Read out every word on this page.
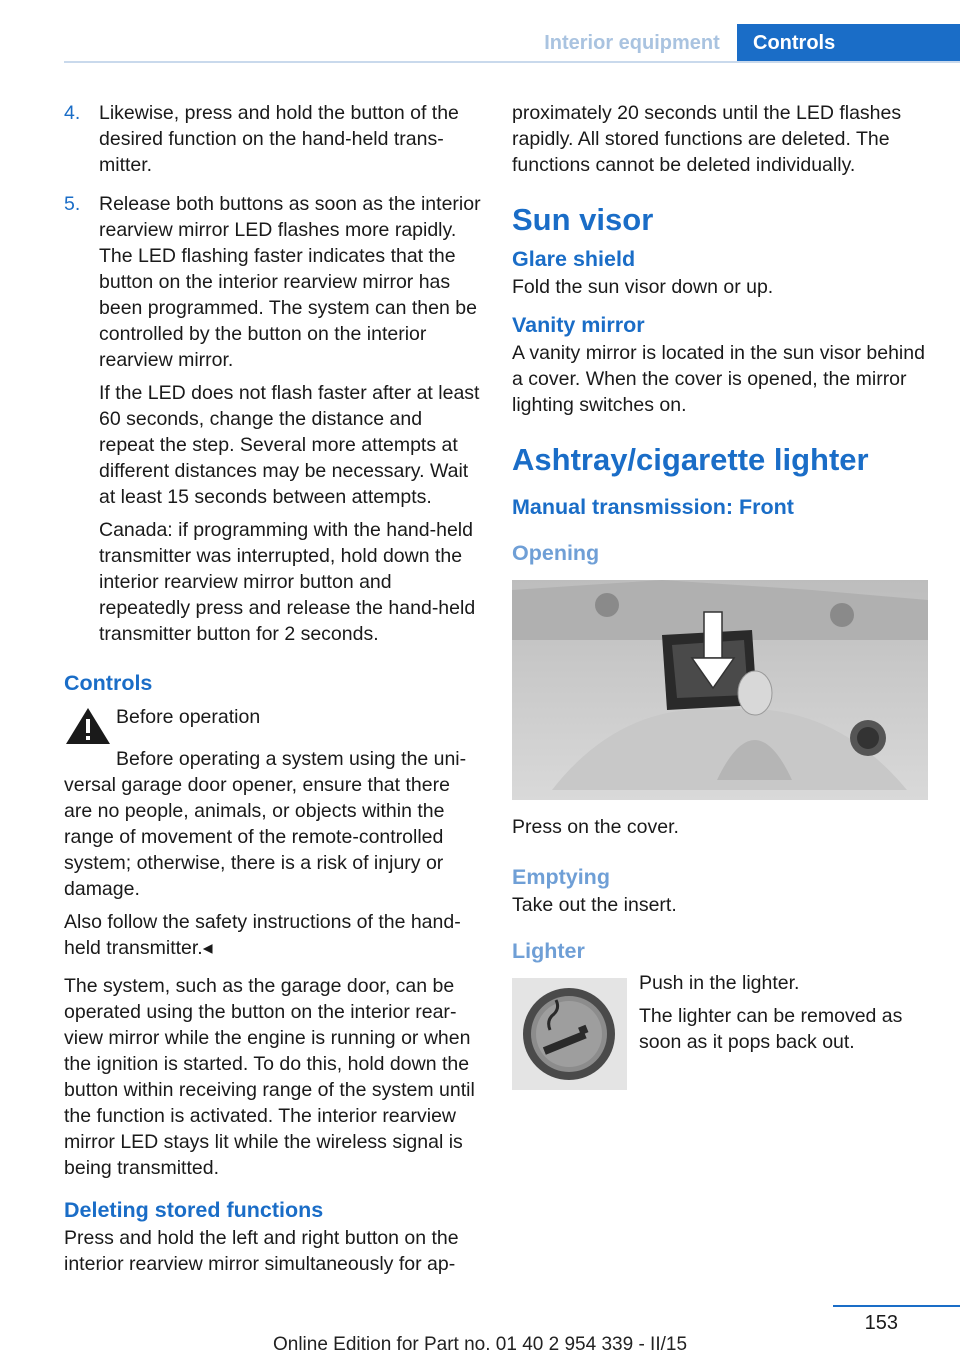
Interior equipment	Controls
4. Likewise, press and hold the button of the desired function on the hand-held transmitter.

5. Release both buttons as soon as the interior rearview mirror LED flashes more rapidly. The LED flashing faster indicates that the button on the interior rearview mirror has been programmed. The system can then be controlled by the button on the interior rearview mirror.

If the LED does not flash faster after at least 60 seconds, change the distance and repeat the step. Several more attempts at different distances may be necessary. Wait at least 15 seconds between attempts.

Canada: if programming with the hand-held transmitter was interrupted, hold down the interior rearview mirror button and repeatedly press and release the hand-held transmitter button for 2 seconds.

Controls

Before operation

Before operating a system using the universal garage door opener, ensure that there are no people, animals, or objects within the range of movement of the remote-controlled system; otherwise, there is a risk of injury or damage.

Also follow the safety instructions of the hand-held transmitter.◂

The system, such as the garage door, can be operated using the button on the interior rearview mirror while the engine is running or when the ignition is started. To do this, hold down the button within receiving range of the system until the function is activated. The interior rearview mirror LED stays lit while the wireless signal is being transmitted.

Deleting stored functions

Press and hold the left and right button on the interior rearview mirror simultaneously for ap-

proximately 20 seconds until the LED flashes rapidly. All stored functions are deleted. The functions cannot be deleted individually.

Sun visor
Glare shield

Fold the sun visor down or up.

Vanity mirror

A vanity mirror is located in the sun visor behind a cover. When the cover is opened, the mirror lighting switches on.

Ashtray/cigarette lighter
Manual transmission: Front
Opening

Press on the cover.

Emptying

Take out the insert.

Lighter

Push in the lighter.

The lighter can be removed as soon as it pops back out.

153
Online Edition for Part no. 01 40 2 954 339 - II/15
